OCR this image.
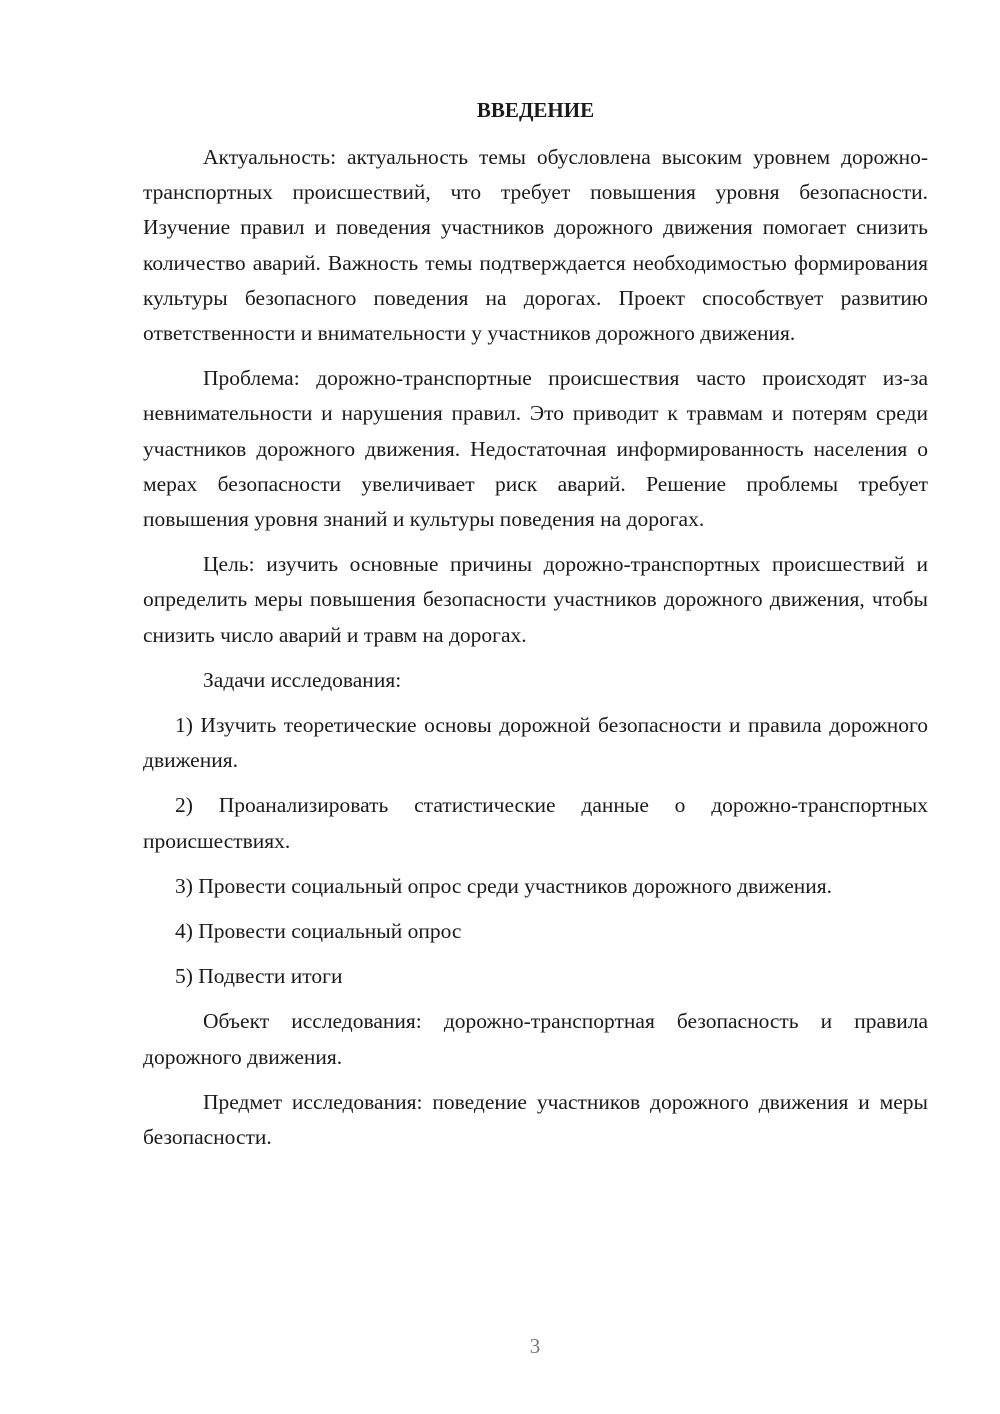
ВВЕДЕНИЕ

Актуальность: актуальность темы обусловлена высоким уровнем дорожно-транспортных происшествий, что требует повышения уровня безопасности. Изучение правил и поведения участников дорожного движения помогает снизить количество аварий. Важность темы подтверждается необходимостью формирования культуры безопасного поведения на дорогах. Проект способствует развитию ответственности и внимательности у участников дорожного движения.

Проблема: дорожно-транспортные происшествия часто происходят из-за невнимательности и нарушения правил. Это приводит к травмам и потерям среди участников дорожного движения. Недостаточная информированность населения о мерах безопасности увеличивает риск аварий. Решение проблемы требует повышения уровня знаний и культуры поведения на дорогах.

Цель: изучить основные причины дорожно-транспортных происшествий и определить меры повышения безопасности участников дорожного движения, чтобы снизить число аварий и травм на дорогах.

Задачи исследования:

1) Изучить теоретические основы дорожной безопасности и правила дорожного движения.

2) Проанализировать статистические данные о дорожно-транспортных происшествиях.

3) Провести социальный опрос среди участников дорожного движения.

4) Провести социальный опрос

5) Подвести итоги

Объект исследования: дорожно-транспортная безопасность и правила дорожного движения.

Предмет исследования: поведение участников дорожного движения и меры безопасности.

3
